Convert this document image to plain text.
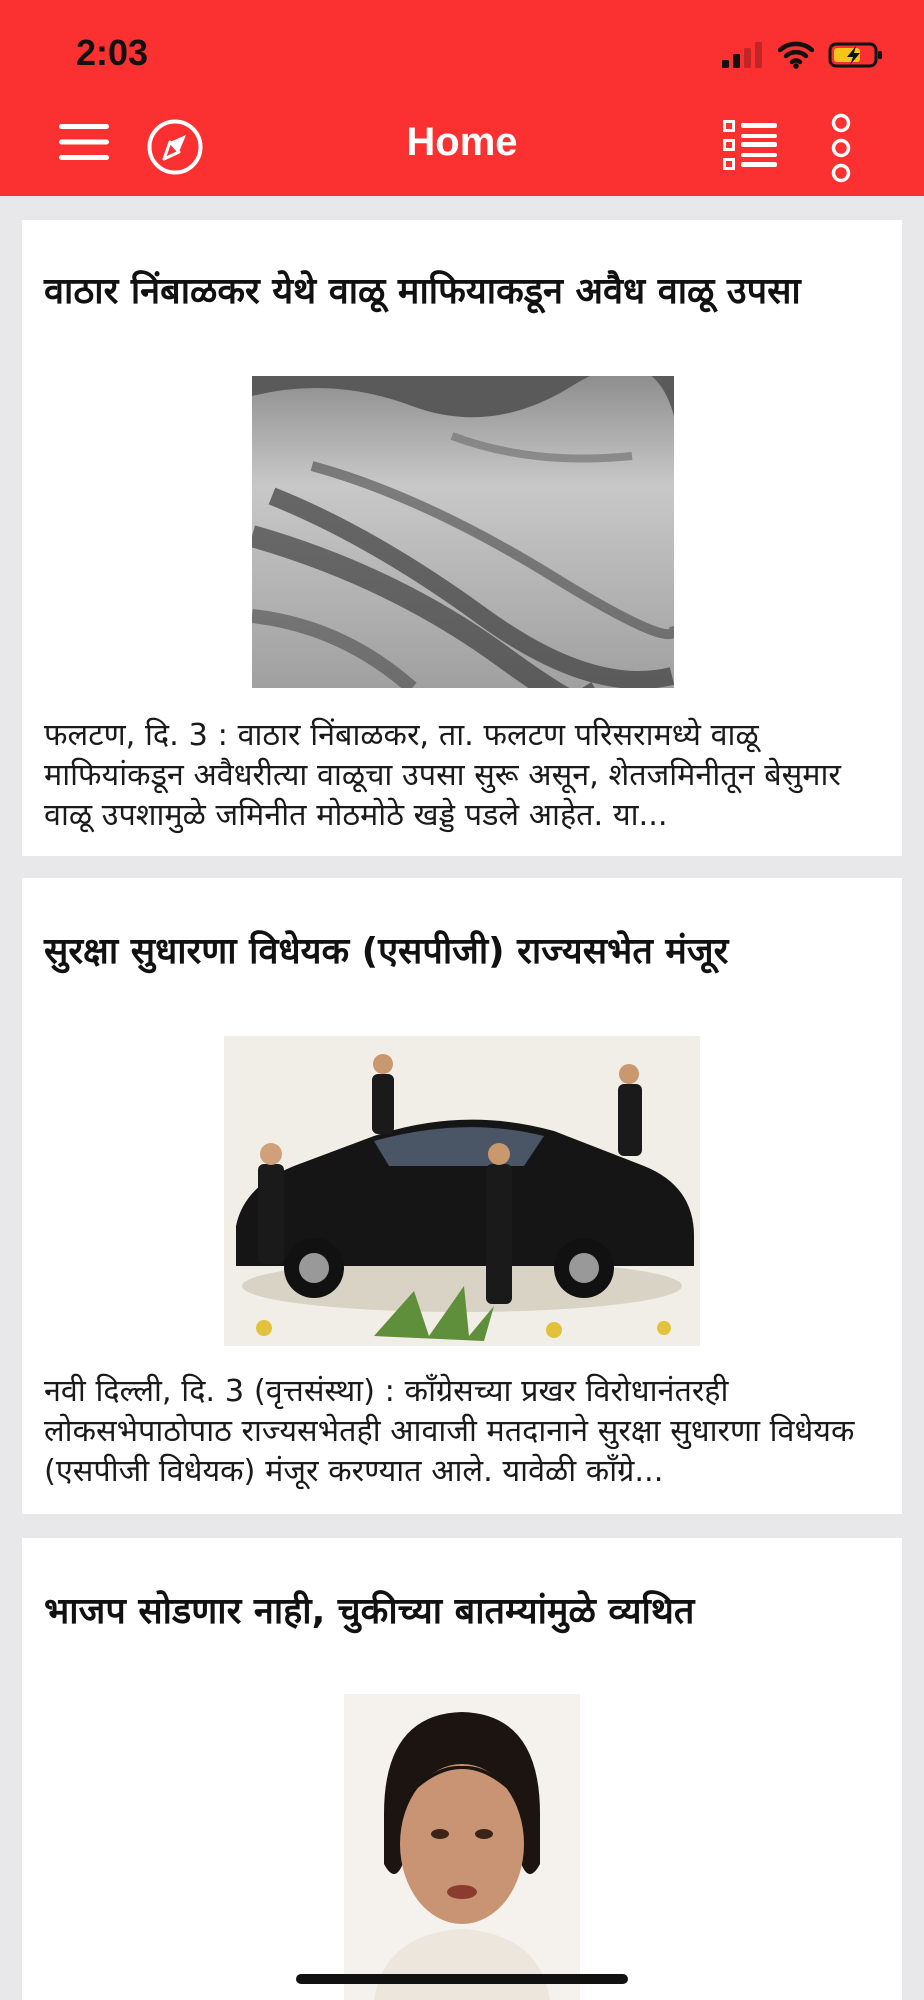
2:03
Home
वाठार निंबाळकर येथे वाळू माफियाकडून अवैध वाळू उपसा
फलटण, दि. 3 : वाठार निंबाळकर, ता. फलटण परिसरामध्ये वाळू माफियांकडून अवैधरीत्या वाळूचा उपसा सुरू असून, शेतजमिनीतून बेसुमार वाळू उपशामुळे जमिनीत मोठमोठे खड्डे पडले आहेत. या...
सुरक्षा सुधारणा विधेयक (एसपीजी) राज्यसभेत मंजूर
नवी दिल्ली, दि. 3 (वृत्तसंस्था) : काँग्रेसच्या प्रखर विरोधानंतरही लोकसभेपाठोपाठ राज्यसभेतही आवाजी मतदानाने सुरक्षा सुधारणा विधेयक (एसपीजी विधेयक) मंजूर करण्यात आले. यावेळी काँग्रे...
भाजप सोडणार नाही, चुकीच्या बातम्यांमुळे व्यथित
